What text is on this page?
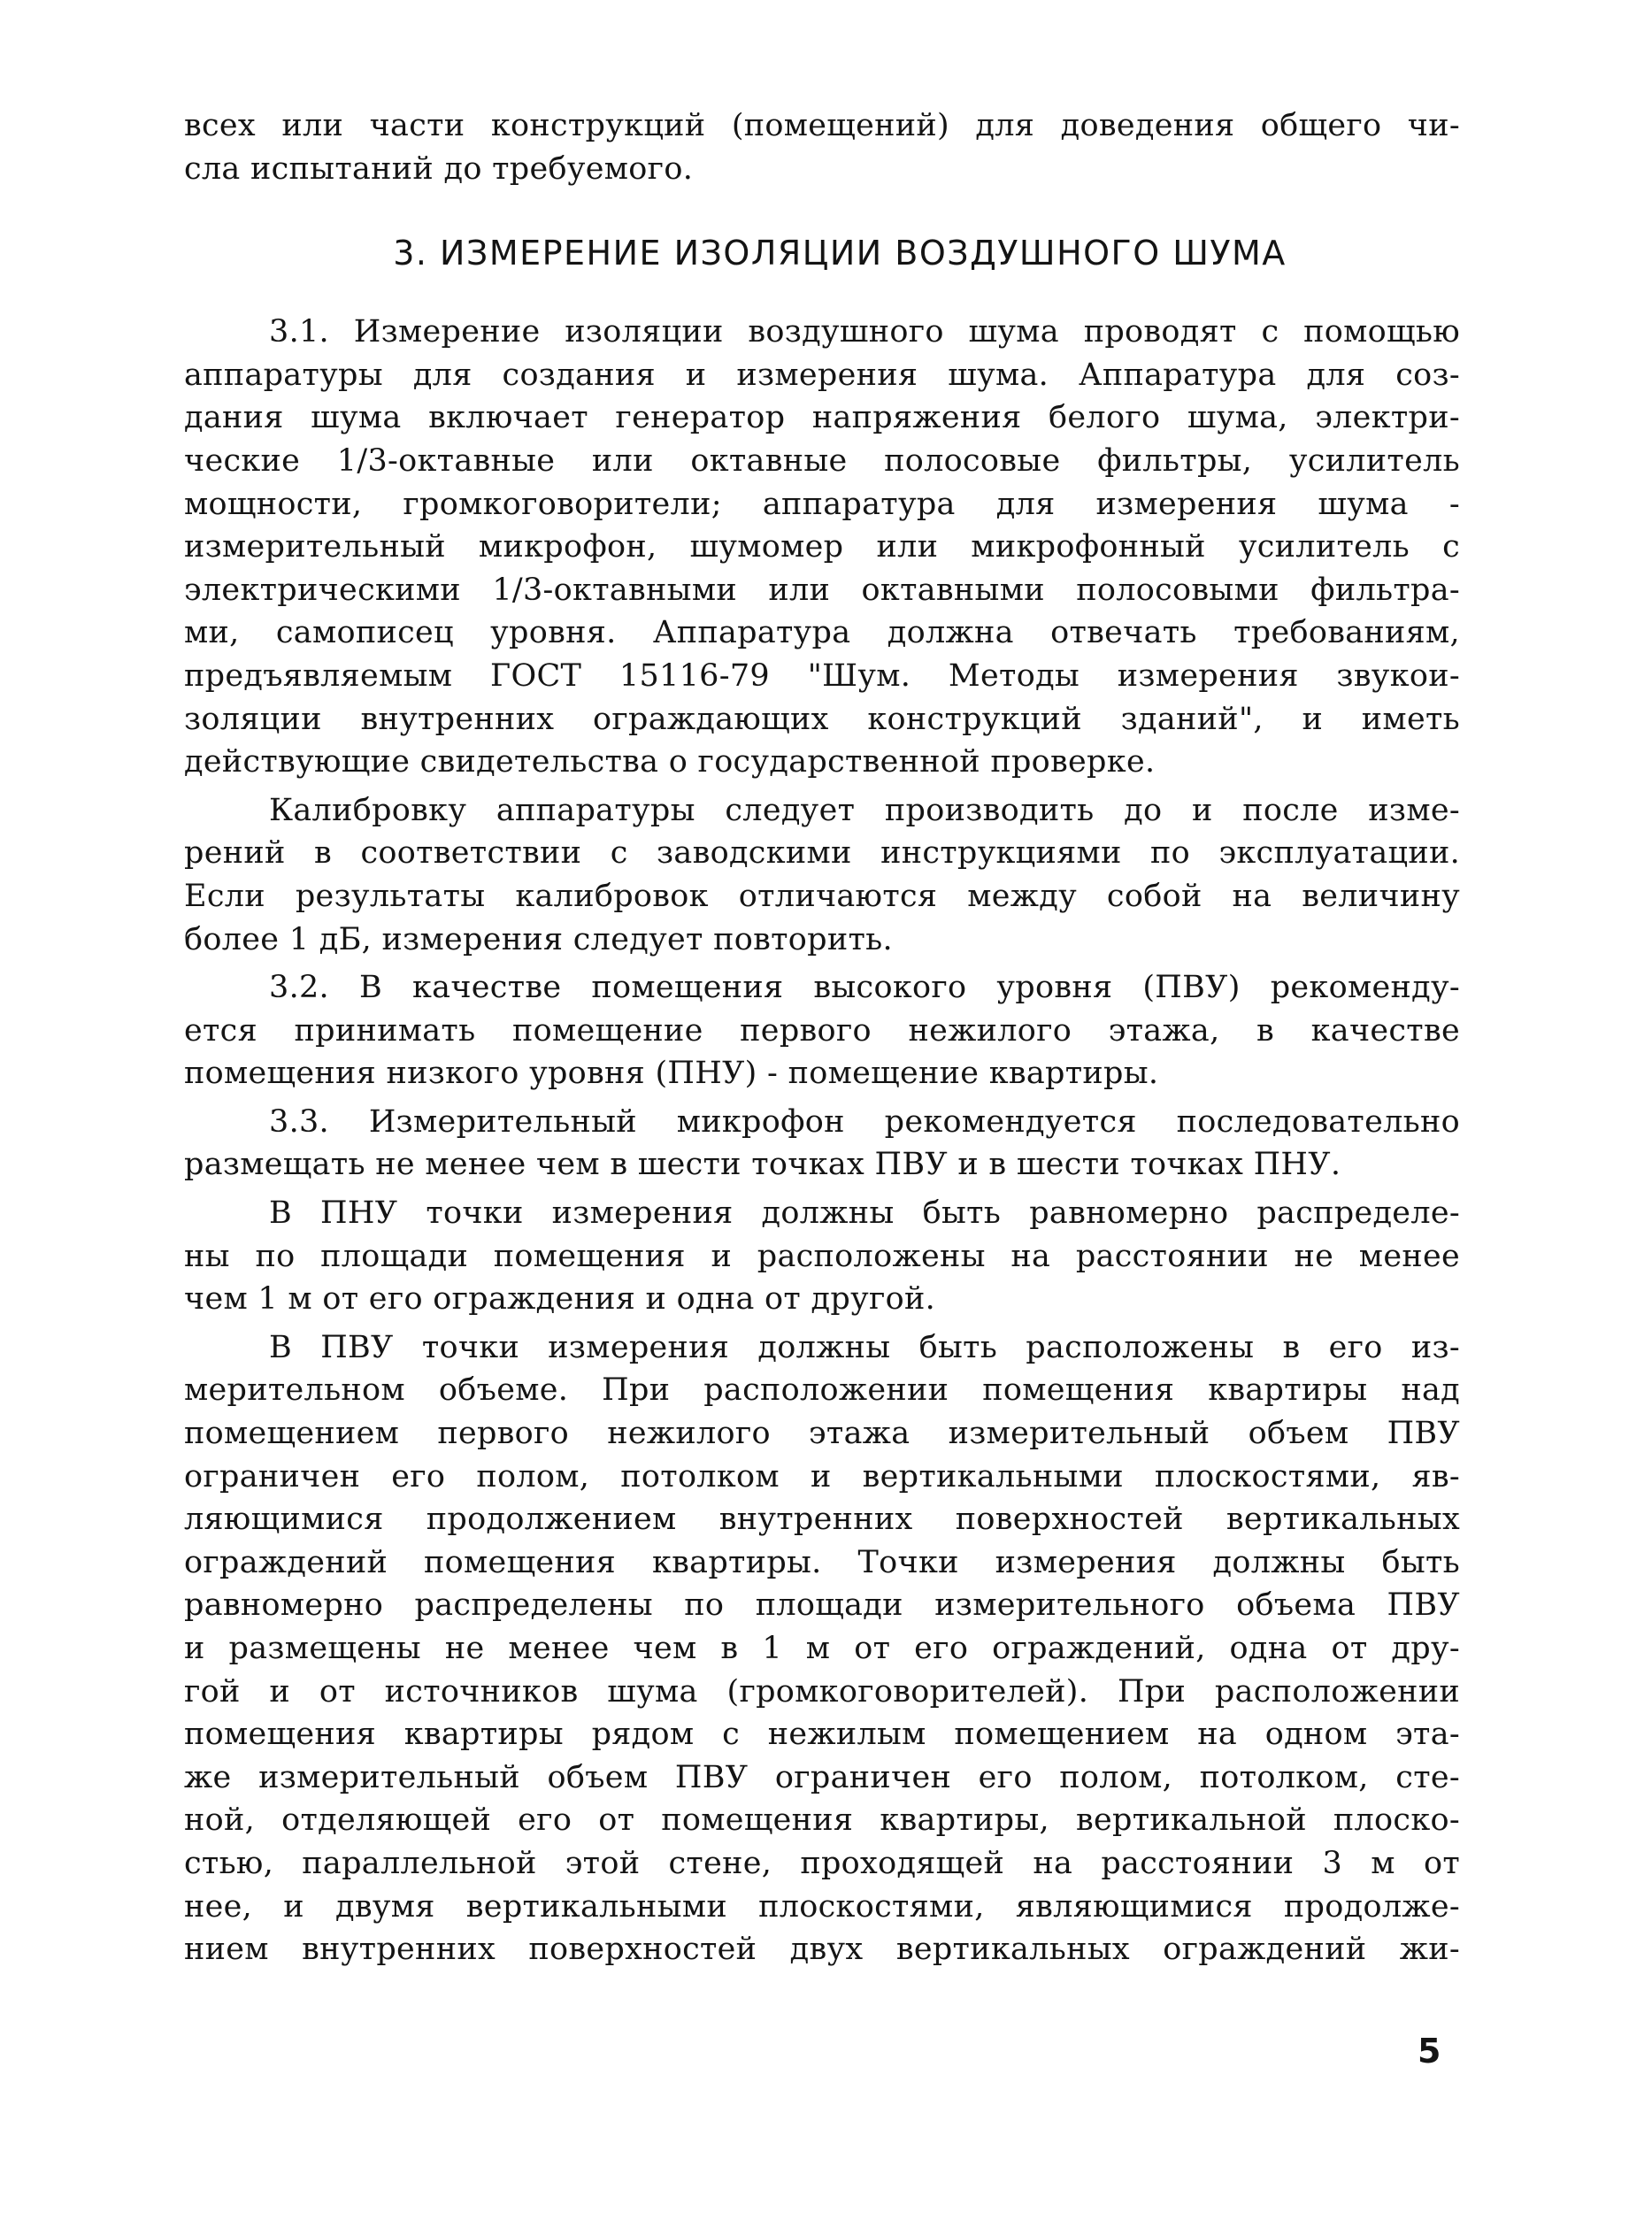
всех или части конструкций (помещений) для доведения общего чи-
сла испытаний до требуемого.
3. ИЗМЕРЕНИЕ ИЗОЛЯЦИИ ВОЗДУШНОГО ШУМА
3.1. Измерение изоляции воздушного шума проводят с помощью
аппаратуры для создания и измерения шума. Аппаратура для соз-
дания шума включает генератор напряжения белого шума, электри-
ческие 1/3-октавные или октавные полосовые фильтры, усилитель
мощности, громкоговорители; аппаратура для измерения шума -
измерительный микрофон, шумомер или микрофонный усилитель с
электрическими 1/3-октавными или октавными полосовыми фильтра-
ми, самописец уровня. Аппаратура должна отвечать требованиям,
предъявляемым ГОСТ 15116-79 "Шум. Методы измерения звукои-
золяции внутренних ограждающих конструкций зданий", и иметь
действующие свидетельства о государственной проверке.
Калибровку аппаратуры следует производить до и после изме-
рений в соответствии с заводскими инструкциями по эксплуатации.
Если результаты калибровок отличаются между собой на величину
более 1 дБ, измерения следует повторить.
3.2. В качестве помещения высокого уровня (ПВУ) рекоменду-
ется принимать помещение первого нежилого этажа, в качестве
помещения низкого уровня (ПНУ) - помещение квартиры.
3.3. Измерительный микрофон рекомендуется последовательно
размещать не менее чем в шести точках ПВУ и в шести точках ПНУ.
В ПНУ точки измерения должны быть равномерно распределе-
ны по площади помещения и расположены на расстоянии не менее
чем 1 м от его ограждения и одна от другой.
В ПВУ точки измерения должны быть расположены в его из-
мерительном объеме. При расположении помещения квартиры над
помещением первого нежилого этажа измерительный объем ПВУ
ограничен его полом, потолком и вертикальными плоскостями, яв-
ляющимися продолжением внутренних поверхностей вертикальных
ограждений помещения квартиры. Точки измерения должны быть
равномерно распределены по площади измерительного объема ПВУ
и размещены не менее чем в 1 м от его ограждений, одна от дру-
гой и от источников шума (громкоговорителей). При расположении
помещения квартиры рядом с нежилым помещением на одном эта-
же измерительный объем ПВУ ограничен его полом, потолком, сте-
ной, отделяющей его от помещения квартиры, вертикальной плоско-
стью, параллельной этой стене, проходящей на расстоянии 3 м от
нее, и двумя вертикальными плоскостями, являющимися продолже-
нием внутренних поверхностей двух вертикальных ограждений жи-
5
